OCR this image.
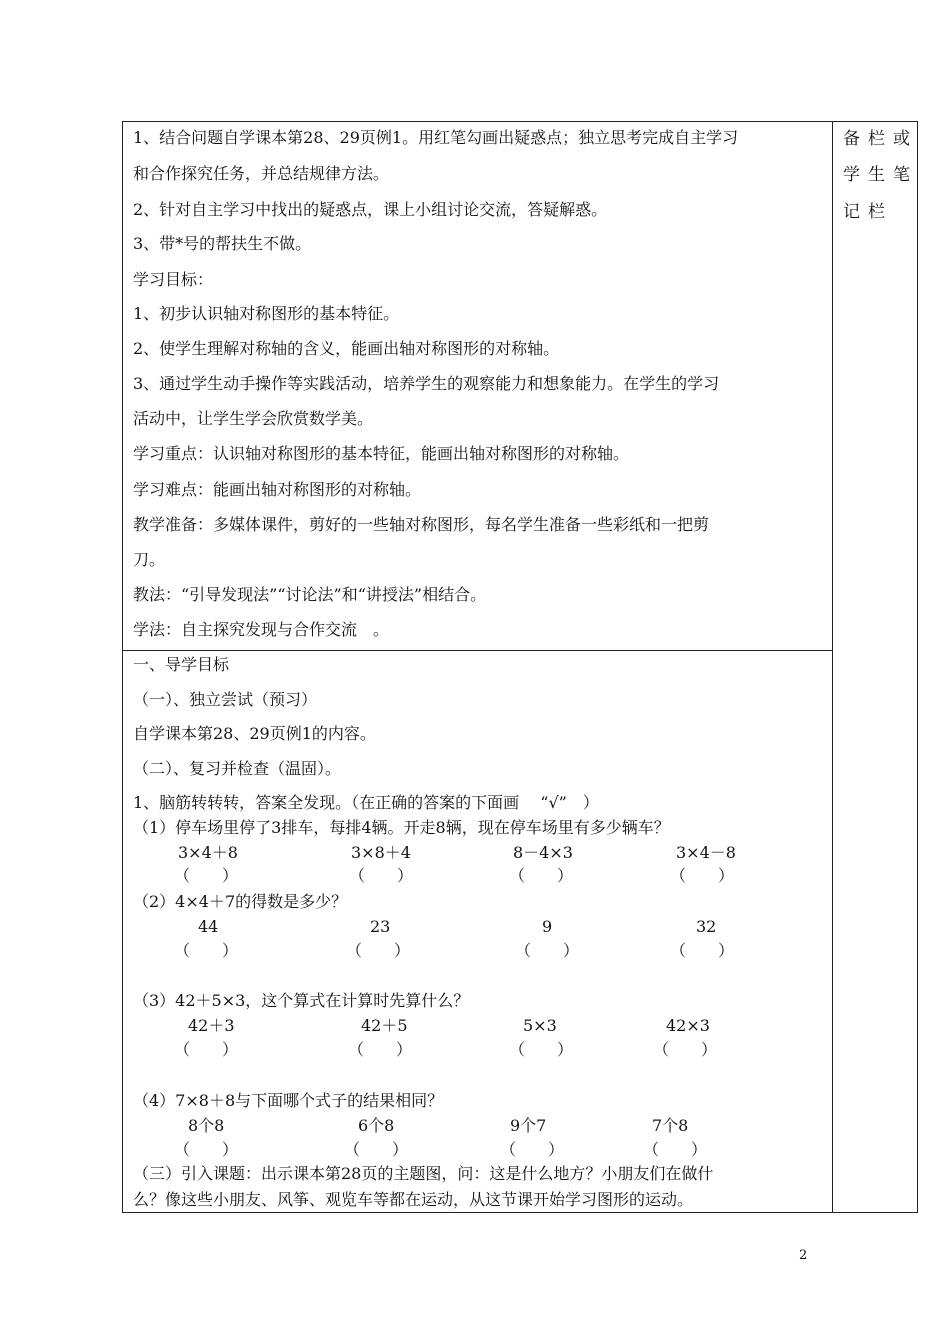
1、结合问题自学课本第28、29页例1。用红笔勾画出疑惑点；独立思考完成自主学习
和合作探究任务，并总结规律方法。
2、针对自主学习中找出的疑惑点，课上小组讨论交流，答疑解惑。
3、带*号的帮扶生不做。
学习目标：
1、初步认识轴对称图形的基本特征。
2、使学生理解对称轴的含义，能画出轴对称图形的对称轴。
3、通过学生动手操作等实践活动，培养学生的观察能力和想象能力。在学生的学习
活动中，让学生学会欣赏数学美。
学习重点：认识轴对称图形的基本特征，能画出轴对称图形的对称轴。
学习难点：能画出轴对称图形的对称轴。
教学准备：多媒体课件，剪好的一些轴对称图形，每名学生准备一些彩纸和一把剪
刀。
教法：“引导发现法”“讨论法”和“讲授法”相结合。
学法：自主探究发现与合作交流　。
备栏或
学生笔
记栏
一、导学目标
（一）、独立尝试（预习）
自学课本第28、29页例1的内容。
（二）、复习并检查（温固）。
1、脑筋转转转，答案全发现。（在正确的答案的下面画　 “√”　）
（1）停车场里停了3排车，每排4辆。开走8辆，现在停车场里有多少辆车？
3×4＋8	3×8＋4	8－4×3	3×4－8
（　　）	（　　）	（　　）	（　　）
（2）4×4＋7的得数是多少？
44	23	9	32
（　　）	（　　）	（　　）	（　　）
（3）42＋5×3，这个算式在计算时先算什么？
42＋3	42＋5	5×3	42×3
（　　）	（　　）	（　　）	（　　）
（4）7×8＋8与下面哪个式子的结果相同？
8个8	6个8	9个7	7个8
（　　）	（　　）	（　　）	（　　）
（三）引入课题：出示课本第28页的主题图，问：这是什么地方？小朋友们在做什
么？像这些小朋友、风筝、观览车等都在运动，从这节课开始学习图形的运动。
2
